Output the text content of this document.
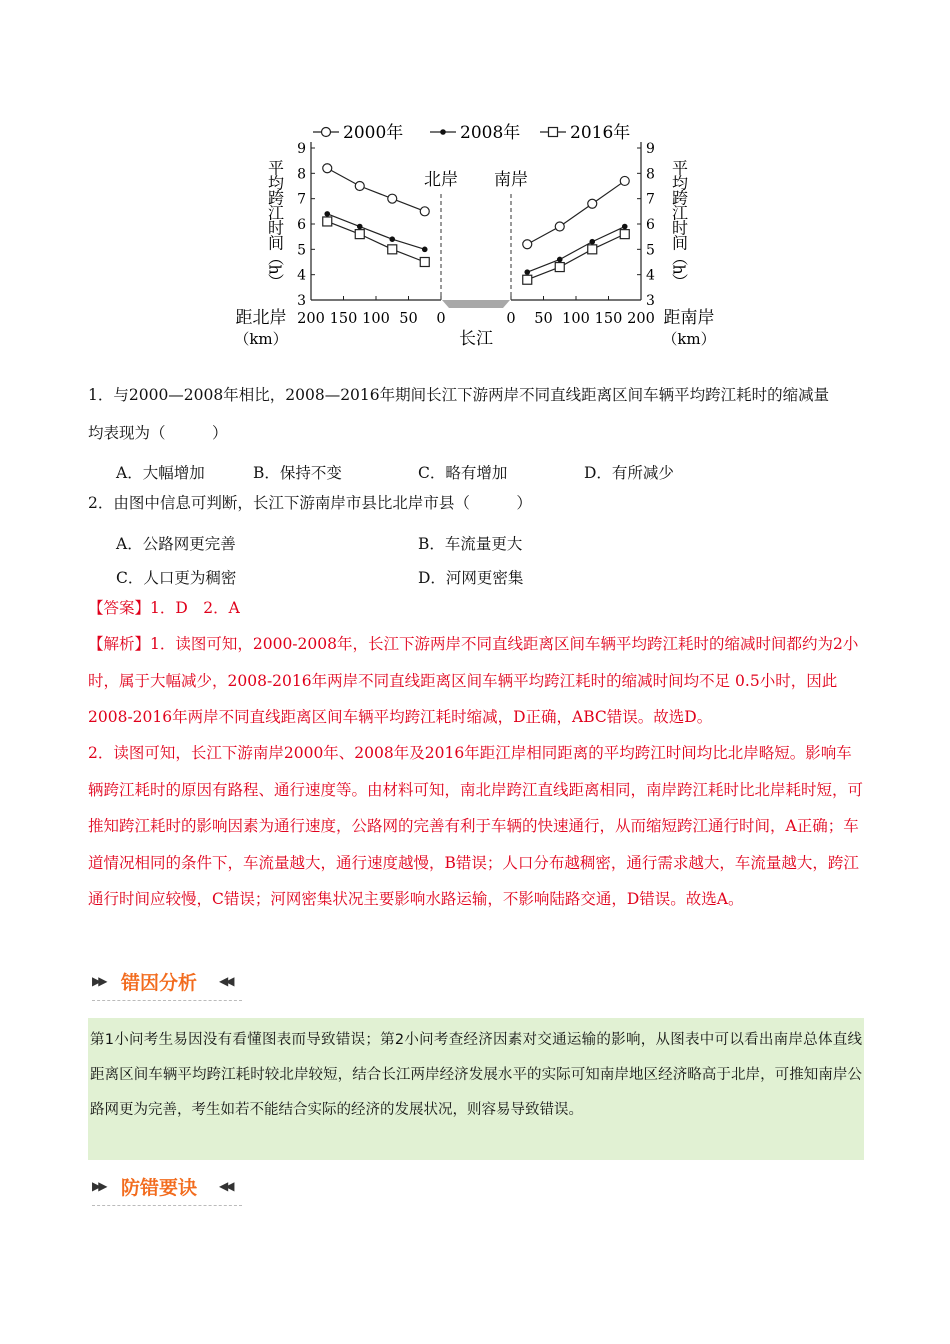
3	3
4	4
5	5
6	6
7	7
8	8
9	9
200 150 100 50 0	0 50 100 150 200
长江
北岸 南岸
距北岸
（km）
距南岸
（km）
平均跨江时间（h）	平均跨江时间（h）
2000年	2008年	2016年
1．与2000—2008年相比，2008—2016年期间长江下游两岸不同直线距离区间车辆平均跨江耗时的缩减量
均表现为（　　　）
A．大幅增加	B．保持不变	C．略有增加	D．有所减少
2．由图中信息可判断，长江下游南岸市县比北岸市县（　　　）
A．公路网更完善	B．车流量更大
C．人口更为稠密	D．河网更密集
【答案】1．D　2．A
【解析】1．读图可知，2000-2008年，长江下游两岸不同直线距离区间车辆平均跨江耗时的缩减时间都约为2小时，属于大幅减少，2008-2016年两岸不同直线距离区间车辆平均跨江耗时的缩减时间均不足 0.5小时，因此 2008-2016年两岸不同直线距离区间车辆平均跨江耗时缩减，D正确，ABC错误。故选D。
2．读图可知，长江下游南岸2000年、2008年及2016年距江岸相同距离的平均跨江时间均比北岸略短。影响车辆跨江耗时的原因有路程、通行速度等。由材料可知，南北岸跨江直线距离相同，南岸跨江耗时比北岸耗时短，可推知跨江耗时的影响因素为通行速度，公路网的完善有利于车辆的快速通行，从而缩短跨江通行时间，A正确；车道情况相同的条件下，车流量越大，通行速度越慢，B错误；人口分布越稠密，通行需求越大，车流量越大，跨江通行时间应较慢，C错误；河网密集状况主要影响水路运输，不影响陆路交通，D错误。故选A。
▶▶ 错因分析 ◀◀

第1小问考生易因没有看懂图表而导致错误；第2小问考查经济因素对交通运输的影响，从图表中可以看出南岸总体直线距离区间车辆平均跨江耗时较北岸较短，结合长江两岸经济发展水平的实际可知南岸地区经济略高于北岸，可推知南岸公路网更为完善，考生如若不能结合实际的经济的发展状况，则容易导致错误。

▶▶ 防错要诀 ◀◀
